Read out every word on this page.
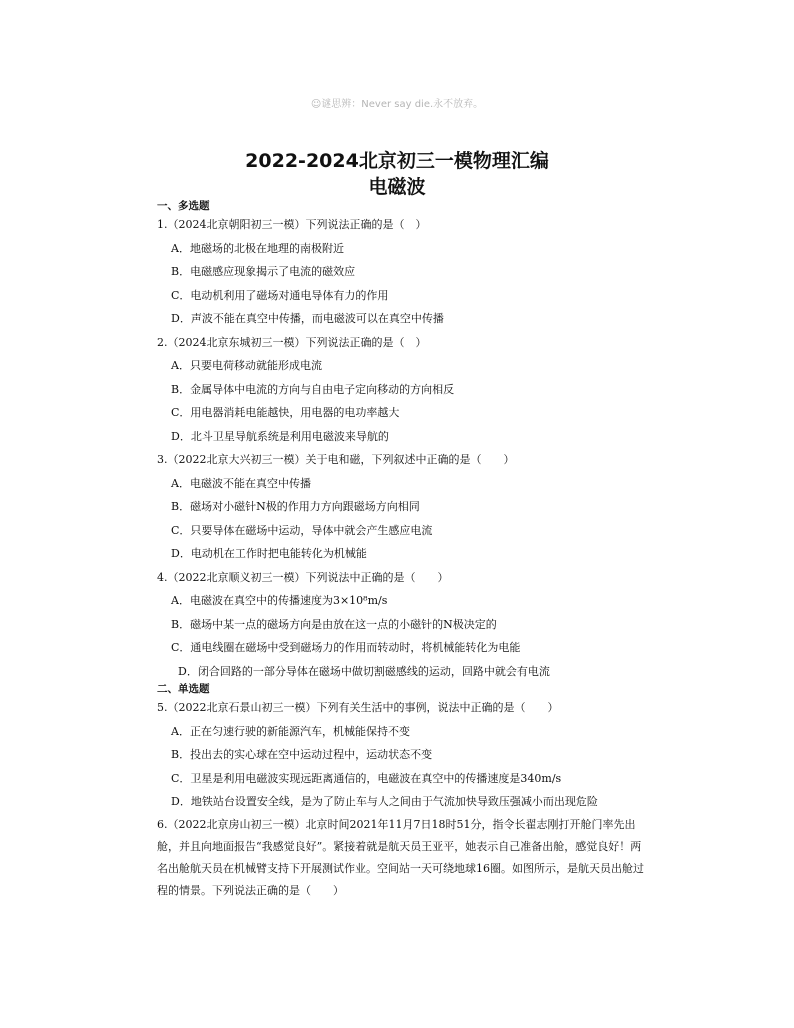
☺谜思辨：Never say die.永不放弃。
2022-2024北京初三一模物理汇编
电磁波
一、多选题
1.（2024北京朝阳初三一模）下列说法正确的是（　）
A．地磁场的北极在地理的南极附近
B．电磁感应现象揭示了电流的磁效应
C．电动机利用了磁场对通电导体有力的作用
D．声波不能在真空中传播，而电磁波可以在真空中传播
2.（2024北京东城初三一模）下列说法正确的是（　）
A．只要电荷移动就能形成电流
B．金属导体中电流的方向与自由电子定向移动的方向相反
C．用电器消耗电能越快，用电器的电功率越大
D．北斗卫星导航系统是利用电磁波来导航的
3.（2022北京大兴初三一模）关于电和磁，下列叙述中正确的是（　　）
A．电磁波不能在真空中传播
B．磁场对小磁针N极的作用力方向跟磁场方向相同
C．只要导体在磁场中运动，导体中就会产生感应电流
D．电动机在工作时把电能转化为机械能
4.（2022北京顺义初三一模）下列说法中正确的是（　　）
A．电磁波在真空中的传播速度为3×10⁸m/s
B．磁场中某一点的磁场方向是由放在这一点的小磁针的N极决定的
C．通电线圈在磁场中受到磁场力的作用而转动时，将机械能转化为电能
D．闭合回路的一部分导体在磁场中做切割磁感线的运动，回路中就会有电流
二、单选题
5.（2022北京石景山初三一模）下列有关生活中的事例，说法中正确的是（　　）
A．正在匀速行驶的新能源汽车，机械能保持不变
B．投出去的实心球在空中运动过程中，运动状态不变
C．卫星是利用电磁波实现远距离通信的，电磁波在真空中的传播速度是340m/s
D．地铁站台设置安全线，是为了防止车与人之间由于气流加快导致压强减小而出现危险
6.（2022北京房山初三一模）北京时间2021年11月7日18时51分，指令长翟志刚打开舱门率先出舱，并且向地面报告“我感觉良好”。紧接着就是航天员王亚平，她表示自己准备出舱，感觉良好！两名出舱航天员在机械臂支持下开展测试作业。空间站一天可绕地球16圈。如图所示，是航天员出舱过程的情景。下列说法正确的是（　　）
